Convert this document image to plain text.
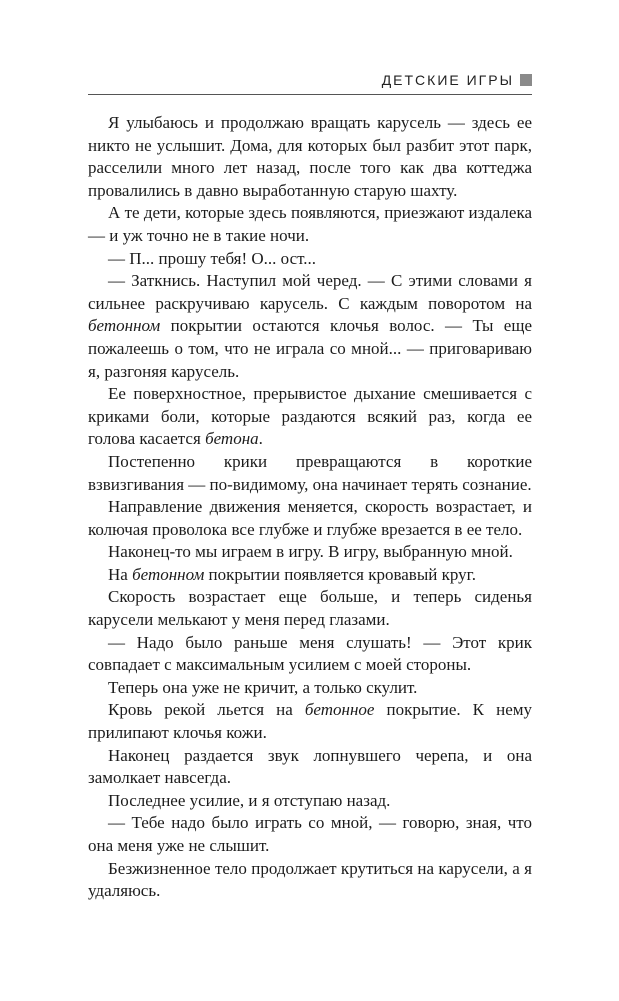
ДЕТСКИЕ ИГРЫ

Я улыбаюсь и продолжаю вращать карусель — здесь ее никто не услышит. Дома, для которых был разбит этот парк, расселили много лет назад, после того как два коттеджа провалились в давно выработанную старую шахту.

А те дети, которые здесь появляются, приезжают издалека — и уж точно не в такие ночи.

— П... прошу тебя! О... ост...

— Заткнись. Наступил мой черед. — С этими словами я сильнее раскручиваю карусель. С каждым поворотом на бетонном покрытии остаются клочья волос. — Ты еще пожалеешь о том, что не играла со мной... — приговариваю я, разгоняя карусель.

Ее поверхностное, прерывистое дыхание смешивается с криками боли, которые раздаются всякий раз, когда ее голова касается бетона.

Постепенно крики превращаются в короткие взвизгивания — по-видимому, она начинает терять сознание.

Направление движения меняется, скорость возрастает, и колючая проволока все глубже и глубже врезается в ее тело.

Наконец-то мы играем в игру. В игру, выбранную мной.

На бетонном покрытии появляется кровавый круг.

Скорость возрастает еще больше, и теперь сиденья карусели мелькают у меня перед глазами.

— Надо было раньше меня слушать! — Этот крик совпадает с максимальным усилием с моей стороны.

Теперь она уже не кричит, а только скулит.

Кровь рекой льется на бетонное покрытие. К нему прилипают клочья кожи.

Наконец раздается звук лопнувшего черепа, и она замолкает навсегда.

Последнее усилие, и я отступаю назад.

— Тебе надо было играть со мной, — говорю, зная, что она меня уже не слышит.

Безжизненное тело продолжает крутиться на карусели, а я удаляюсь.
